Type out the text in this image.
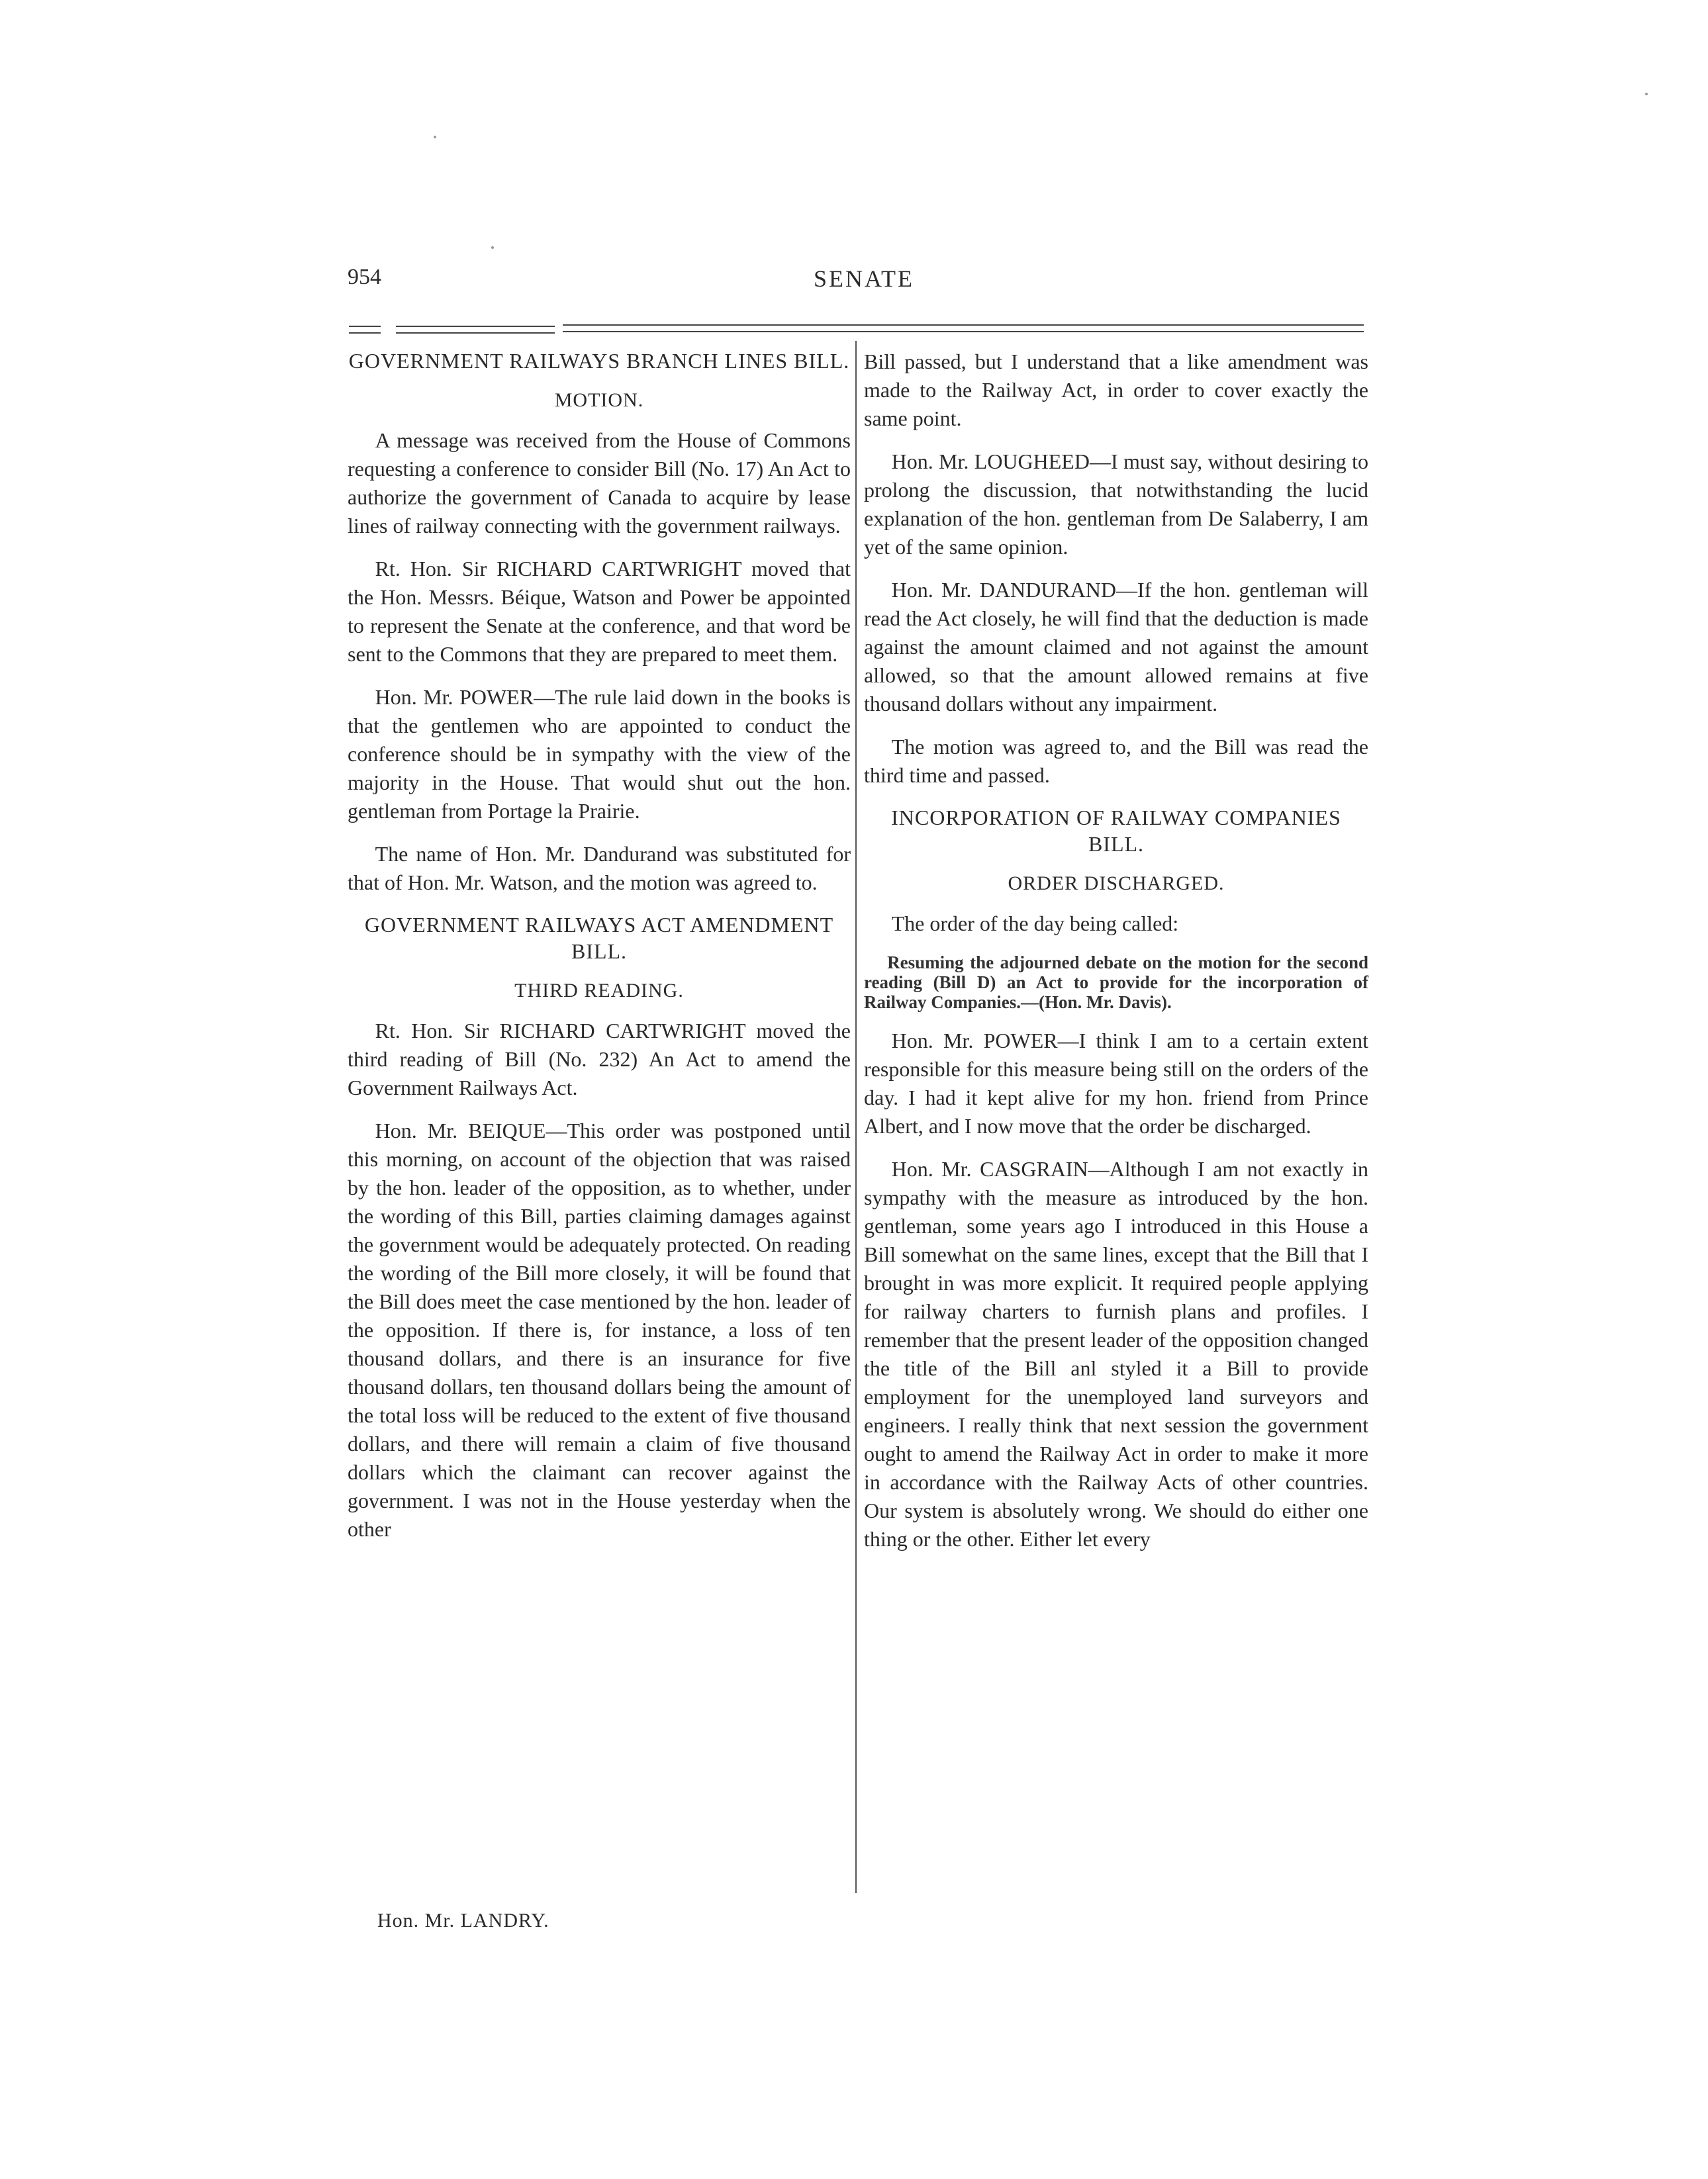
954	SENATE
GOVERNMENT RAILWAYS BRANCH LINES BILL.
MOTION.

A message was received from the House of Commons requesting a conference to consider Bill (No. 17) An Act to authorize the government of Canada to acquire by lease lines of railway connecting with the government railways.

Rt. Hon. Sir RICHARD CARTWRIGHT moved that the Hon. Messrs. Béique, Watson and Power be appointed to represent the Senate at the conference, and that word be sent to the Commons that they are prepared to meet them.

Hon. Mr. POWER—The rule laid down in the books is that the gentlemen who are appointed to conduct the conference should be in sympathy with the view of the majority in the House. That would shut out the hon. gentleman from Portage la Prairie.

The name of Hon. Mr. Dandurand was substituted for that of Hon. Mr. Watson, and the motion was agreed to.

GOVERNMENT RAILWAYS ACT AMENDMENT BILL.
THIRD READING.

Rt. Hon. Sir RICHARD CARTWRIGHT moved the third reading of Bill (No. 232) An Act to amend the Government Railways Act.

Hon. Mr. BEIQUE—This order was postponed until this morning, on account of the objection that was raised by the hon. leader of the opposition, as to whether, under the wording of this Bill, parties claiming damages against the government would be adequately protected. On reading the wording of the Bill more closely, it will be found that the Bill does meet the case mentioned by the hon. leader of the opposition. If there is, for instance, a loss of ten thousand dollars, and there is an insurance for five thousand dollars, ten thousand dollars being the amount of the total loss will be reduced to the extent of five thousand dollars, and there will remain a claim of five thousand dollars which the claimant can recover against the government. I was not in the House yesterday when the other

Bill passed, but I understand that a like amendment was made to the Railway Act, in order to cover exactly the same point.

Hon. Mr. LOUGHEED—I must say, without desiring to prolong the discussion, that notwithstanding the lucid explanation of the hon. gentleman from De Salaberry, I am yet of the same opinion.

Hon. Mr. DANDURAND—If the hon. gentleman will read the Act closely, he will find that the deduction is made against the amount claimed and not against the amount allowed, so that the amount allowed remains at five thousand dollars without any impairment.

The motion was agreed to, and the Bill was read the third time and passed.

INCORPORATION OF RAILWAY COMPANIES BILL.
ORDER DISCHARGED.

The order of the day being called:

Resuming the adjourned debate on the motion for the second reading (Bill D) an Act to provide for the incorporation of Railway Companies.—(Hon. Mr. Davis).

Hon. Mr. POWER—I think I am to a certain extent responsible for this measure being still on the orders of the day. I had it kept alive for my hon. friend from Prince Albert, and I now move that the order be discharged.

Hon. Mr. CASGRAIN—Although I am not exactly in sympathy with the measure as introduced by the hon. gentleman, some years ago I introduced in this House a Bill somewhat on the same lines, except that the Bill that I brought in was more explicit. It required people applying for railway charters to furnish plans and profiles. I remember that the present leader of the opposition changed the title of the Bill anl styled it a Bill to provide employment for the unemployed land surveyors and engineers. I really think that next session the government ought to amend the Railway Act in order to make it more in accordance with the Railway Acts of other countries. Our system is absolutely wrong. We should do either one thing or the other. Either let every

Hon. Mr. LANDRY.
